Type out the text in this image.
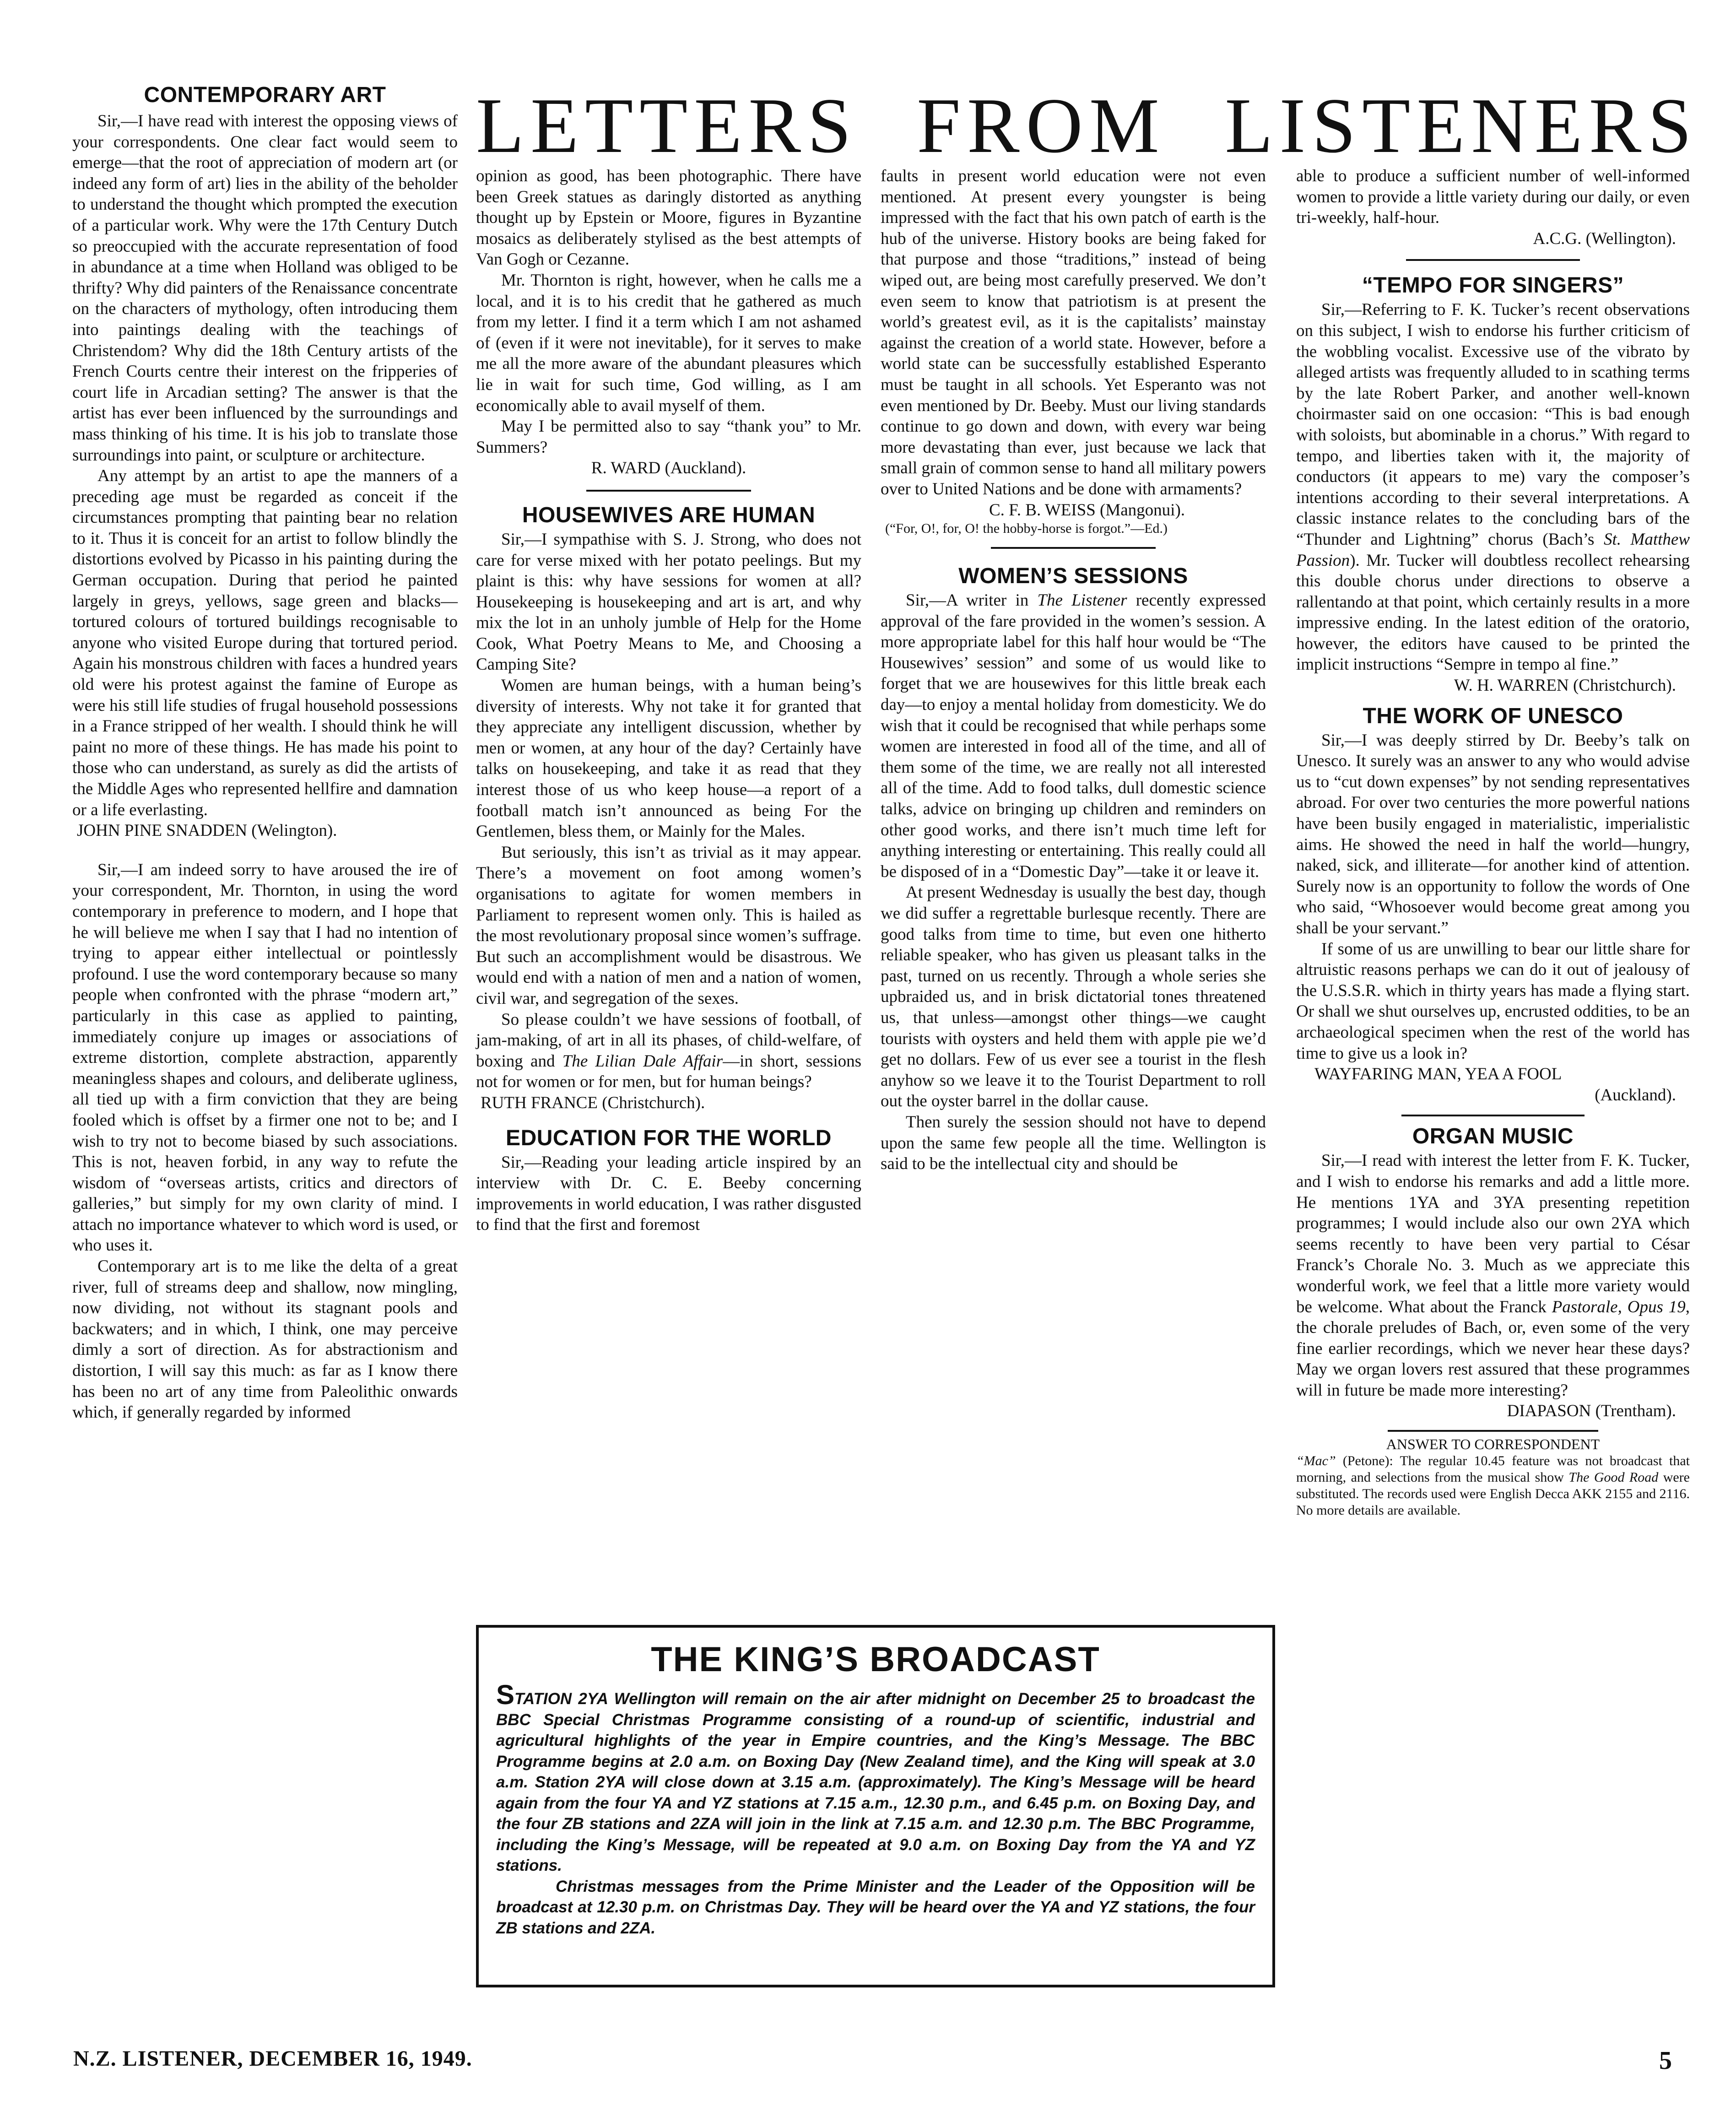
LETTERS FROM LISTENERS

CONTEMPORARY ART

Sir,—I have read with interest the opposing views of your correspondents. One clear fact would seem to emerge—that the root of appreciation of modern art (or indeed any form of art) lies in the ability of the beholder to understand the thought which prompted the execution of a particular work. Why were the 17th Century Dutch so preoccupied with the accurate representation of food in abundance at a time when Holland was obliged to be thrifty? Why did painters of the Renaissance concentrate on the characters of mythology, often introducing them into paintings dealing with the teachings of Christendom? Why did the 18th Century artists of the French Courts centre their interest on the fripperies of court life in Arcadian setting? The answer is that the artist has ever been influenced by the surroundings and mass thinking of his time. It is his job to translate those surroundings into paint, or sculpture or architecture.

Any attempt by an artist to ape the manners of a preceding age must be regarded as conceit if the circumstances prompting that painting bear no relation to it. Thus it is conceit for an artist to follow blindly the distortions evolved by Picasso in his painting during the German occupation. During that period he painted largely in greys, yellows, sage green and blacks—tortured colours of tortured buildings recognisable to anyone who visited Europe during that tortured period. Again his monstrous children with faces a hundred years old were his protest against the famine of Europe as were his still life studies of frugal household possessions in a France stripped of her wealth. I should think he will paint no more of these things. He has made his point to those who can understand, as surely as did the artists of the Middle Ages who represented hellfire and damnation or a life everlasting.

JOHN PINE SNADDEN (Welington).

Sir,—I am indeed sorry to have aroused the ire of your correspondent, Mr. Thornton, in using the word contemporary in preference to modern, and I hope that he will believe me when I say that I had no intention of trying to appear either intellectual or pointlessly profound. I use the word contemporary because so many people when confronted with the phrase “modern art,” particularly in this case as applied to painting, immediately conjure up images or associations of extreme distortion, complete abstraction, apparently meaningless shapes and colours, and deliberate ugliness, all tied up with a firm conviction that they are being fooled which is offset by a firmer one not to be; and I wish to try not to become biased by such associations. This is not, heaven forbid, in any way to refute the wisdom of “overseas artists, critics and directors of galleries,” but simply for my own clarity of mind. I attach no importance whatever to which word is used, or who uses it.

Contemporary art is to me like the delta of a great river, full of streams deep and shallow, now mingling, now dividing, not without its stagnant pools and backwaters; and in which, I think, one may perceive dimly a sort of direction. As for abstractionism and distortion, I will say this much: as far as I know there has been no art of any time from Paleolithic onwards which, if generally regarded by informed

opinion as good, has been photographic. There have been Greek statues as daringly distorted as anything thought up by Epstein or Moore, figures in Byzantine mosaics as deliberately stylised as the best attempts of Van Gogh or Cezanne.

Mr. Thornton is right, however, when he calls me a local, and it is to his credit that he gathered as much from my letter. I find it a term which I am not ashamed of (even if it were not inevitable), for it serves to make me all the more aware of the abundant pleasures which lie in wait for such time, God willing, as I am economically able to avail myself of them.

May I be permitted also to say “thank you” to Mr. Summers?

R. WARD (Auckland).

HOUSEWIVES ARE HUMAN

Sir,—I sympathise with S. J. Strong, who does not care for verse mixed with her potato peelings. But my plaint is this: why have sessions for women at all? Housekeeping is housekeeping and art is art, and why mix the lot in an unholy jumble of Help for the Home Cook, What Poetry Means to Me, and Choosing a Camping Site?

Women are human beings, with a human being’s diversity of interests. Why not take it for granted that they appreciate any intelligent discussion, whether by men or women, at any hour of the day? Certainly have talks on housekeeping, and take it as read that they interest those of us who keep house—a report of a football match isn’t announced as being For the Gentlemen, bless them, or Mainly for the Males.

But seriously, this isn’t as trivial as it may appear. There’s a movement on foot among women’s organisations to agitate for women members in Parliament to represent women only. This is hailed as the most revolutionary proposal since women’s suffrage. But such an accomplishment would be disastrous. We would end with a nation of men and a nation of women, civil war, and segregation of the sexes.

So please couldn’t we have sessions of football, of jam-making, of art in all its phases, of child-welfare, of boxing and The Lilian Dale Affair—in short, sessions not for women or for men, but for human beings?

RUTH FRANCE (Christchurch).

EDUCATION FOR THE WORLD

Sir,—Reading your leading article inspired by an interview with Dr. C. E. Beeby concerning improvements in world education, I was rather disgusted to find that the first and foremost

faults in present world education were not even mentioned. At present every youngster is being impressed with the fact that his own patch of earth is the hub of the universe. History books are being faked for that purpose and those “traditions,” instead of being wiped out, are being most carefully preserved. We don’t even seem to know that patriotism is at present the world’s greatest evil, as it is the capitalists’ mainstay against the creation of a world state. However, before a world state can be successfully established Esperanto must be taught in all schools. Yet Esperanto was not even mentioned by Dr. Beeby. Must our living standards continue to go down and down, with every war being more devastating than ever, just because we lack that small grain of common sense to hand all military powers over to United Nations and be done with armaments?

C. F. B. WEISS (Mangonui).

(“For, O!, for, O! the hobby-horse is forgot.”—Ed.)

WOMEN’S SESSIONS

Sir,—A writer in The Listener recently expressed approval of the fare provided in the women’s session. A more appropriate label for this half hour would be “The Housewives’ session” and some of us would like to forget that we are housewives for this little break each day—to enjoy a mental holiday from domesticity. We do wish that it could be recognised that while perhaps some women are interested in food all of the time, and all of them some of the time, we are really not all interested all of the time. Add to food talks, dull domestic science talks, advice on bringing up children and reminders on other good works, and there isn’t much time left for anything interesting or entertaining. This really could all be disposed of in a “Domestic Day”—take it or leave it.

At present Wednesday is usually the best day, though we did suffer a regrettable burlesque recently. There are good talks from time to time, but even one hitherto reliable speaker, who has given us pleasant talks in the past, turned on us recently. Through a whole series she upbraided us, and in brisk dictatorial tones threatened us, that unless—amongst other things—we caught tourists with oysters and held them with apple pie we’d get no dollars. Few of us ever see a tourist in the flesh anyhow so we leave it to the Tourist Department to roll out the oyster barrel in the dollar cause.

Then surely the session should not have to depend upon the same few people all the time. Wellington is said to be the intellectual city and should be

able to produce a sufficient number of well-informed women to provide a little variety during our daily, or even tri-weekly, half-hour.

A.C.G. (Wellington).

“TEMPO FOR SINGERS”

Sir,—Referring to F. K. Tucker’s recent observations on this subject, I wish to endorse his further criticism of the wobbling vocalist. Excessive use of the vibrato by alleged artists was frequently alluded to in scathing terms by the late Robert Parker, and another well-known choirmaster said on one occasion: “This is bad enough with soloists, but abominable in a chorus.” With regard to tempo, and liberties taken with it, the majority of conductors (it appears to me) vary the composer’s intentions according to their several interpretations. A classic instance relates to the concluding bars of the “Thunder and Lightning” chorus (Bach’s St. Matthew Passion). Mr. Tucker will doubtless recollect rehearsing this double chorus under directions to observe a rallentando at that point, which certainly results in a more impressive ending. In the latest edition of the oratorio, however, the editors have caused to be printed the implicit instructions “Sempre in tempo al fine.”

W. H. WARREN (Christchurch).

THE WORK OF UNESCO

Sir,—I was deeply stirred by Dr. Beeby’s talk on Unesco. It surely was an answer to any who would advise us to “cut down expenses” by not sending representatives abroad. For over two centuries the more powerful nations have been busily engaged in materialistic, imperialistic aims. He showed the need in half the world—hungry, naked, sick, and illiterate—for another kind of attention. Surely now is an opportunity to follow the words of One who said, “Whosoever would become great among you shall be your servant.”

If some of us are unwilling to bear our little share for altruistic reasons perhaps we can do it out of jealousy of the U.S.S.R. which in thirty years has made a flying start. Or shall we shut ourselves up, encrusted oddities, to be an archaeological specimen when the rest of the world has time to give us a look in?

WAYFARING MAN, YEA A FOOL

(Auckland).

ORGAN MUSIC

Sir,—I read with interest the letter from F. K. Tucker, and I wish to endorse his remarks and add a little more. He mentions 1YA and 3YA presenting repetition programmes; I would include also our own 2YA which seems recently to have been very partial to César Franck’s Chorale No. 3. Much as we appreciate this wonderful work, we feel that a little more variety would be welcome. What about the Franck Pastorale, Opus 19, the chorale preludes of Bach, or, even some of the very fine earlier recordings, which we never hear these days? May we organ lovers rest assured that these programmes will in future be made more interesting?

DIAPASON (Trentham).

ANSWER TO CORRESPONDENT

“Mac” (Petone): The regular 10.45 feature was not broadcast that morning, and selections from the musical show The Good Road were substituted. The records used were English Decca AKK 2155 and 2116. No more details are available.

THE KING’S BROADCAST

STATION 2YA Wellington will remain on the air after midnight on December 25 to broadcast the BBC Special Christmas Programme consisting of a round-up of scientific, industrial and agricultural highlights of the year in Empire countries, and the King’s Message. The BBC Programme begins at 2.0 a.m. on Boxing Day (New Zealand time), and the King will speak at 3.0 a.m. Station 2YA will close down at 3.15 a.m. (approximately). The King’s Message will be heard again from the four YA and YZ stations at 7.15 a.m., 12.30 p.m., and 6.45 p.m. on Boxing Day, and the four ZB stations and 2ZA will join in the link at 7.15 a.m. and 12.30 p.m. The BBC Programme, including the King’s Message, will be repeated at 9.0 a.m. on Boxing Day from the YA and YZ stations.

Christmas messages from the Prime Minister and the Leader of the Opposition will be broadcast at 12.30 p.m. on Christmas Day. They will be heard over the YA and YZ stations, the four ZB stations and 2ZA.

N.Z. LISTENER, DECEMBER 16, 1949.	5
